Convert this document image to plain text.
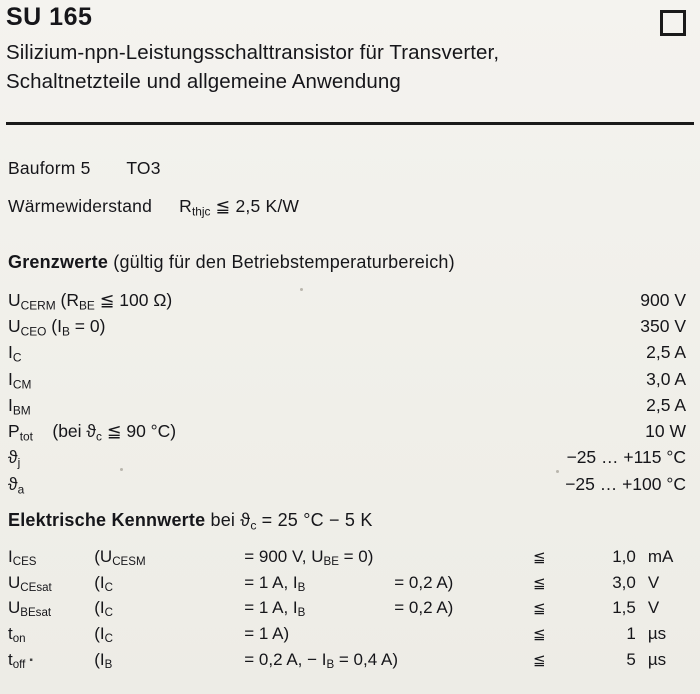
SU 165
Silizium-npn-Leistungsschalttransistor für Transverter,
Schaltnetzteile und allgemeine Anwendung
Bauform 5 TO3
Wärmewiderstand $R_{thjc}$ ≦ 2,5 K/W
Grenzwerte (gültig für den Betriebstemperaturbereich)
$U_{CERM}$ ($R_{BE}$ ≦ 100 Ω)	900 V
$U_{CEO}$ $(I_B = 0)$	350 V
$I_C$	2,5 A
$I_{CM}$	3,0 A
$I_{BM}$	2,5 A
$P_{tot}$ (bei $ϑ_c$ ≦ 90 °C)	10 W
$ϑ_j$	−25 … +115 °C
$ϑ_a$	−25 … +100 °C
Elektrische Kennwerte bei $ϑ_c = 25$ °C − 5 K
$I_{CES}$	($U_{CESM} = 900$ V, $U_{BE} = 0$)	≦	1,0	mA
$U_{CEsat}$	($I_C = 1$ A, $I_B = 0,2$ A)	≦	3,0	V
$U_{BEsat}$	($I_C = 1$ A, $I_B = 0,2$ A)	≦	1,5	V
$t_{on}$	($I_C = 1$ A)	≦	1	µs
$t_{off}$ ▪	($I_B = 0,2$ A, − $I_B = 0,4$ A)	≦	5	µs
